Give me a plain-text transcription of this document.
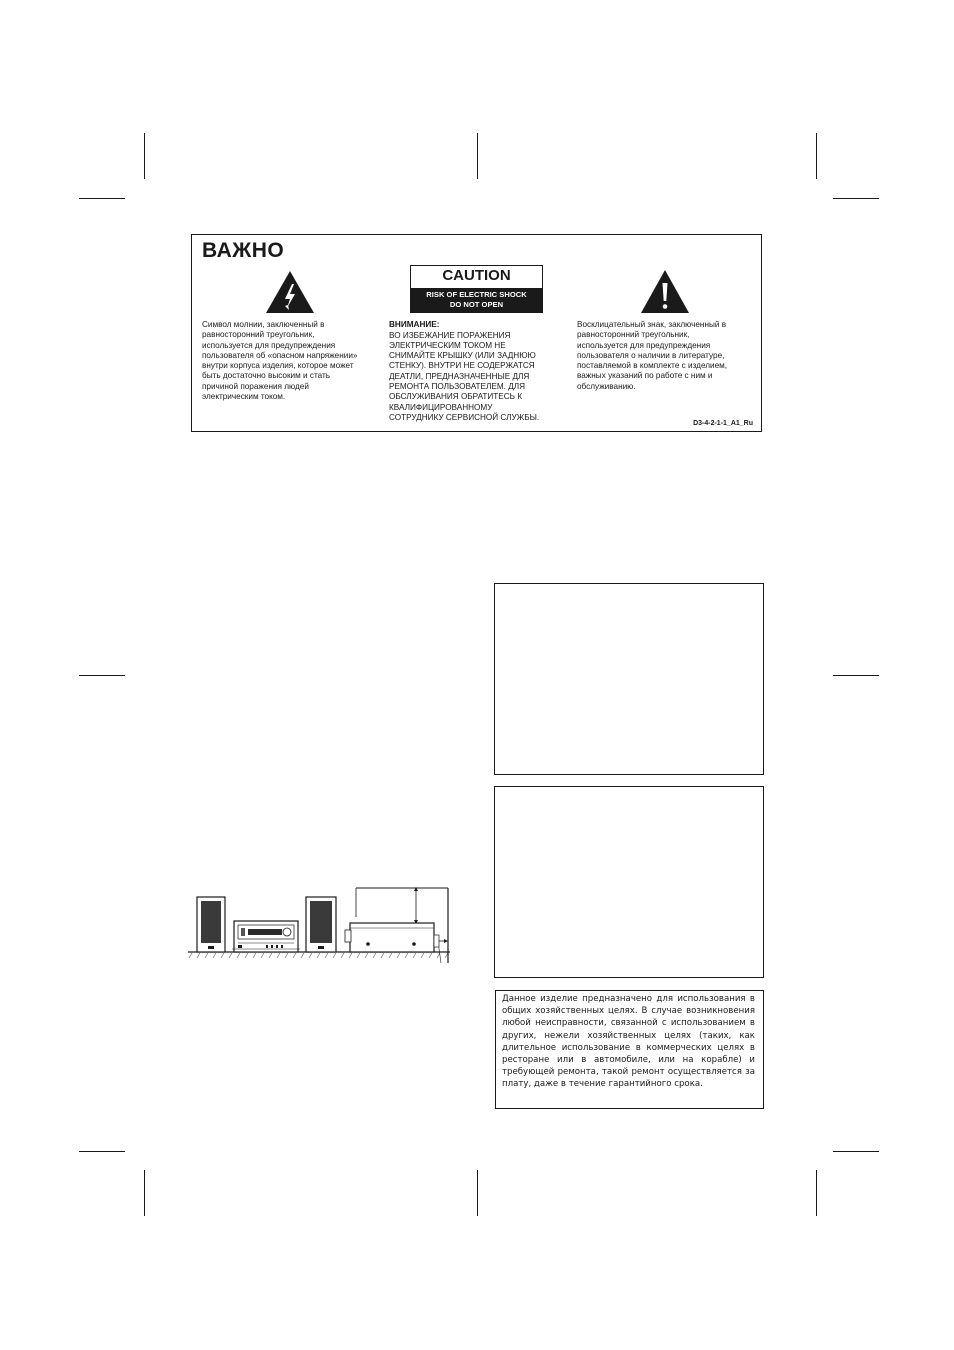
ВАЖНО
Символ молнии, заключенный в
равносторонний треугольник,
используется для предупреждения
пользователя об «опасном напряжении»
внутри корпуса изделия, которое может
быть достаточно высоким и стать
причиной поражения людей
электрическим током.
CAUTION
RISK OF ELECTRIC SHOCK
DO NOT OPEN
ВНИМАНИЕ:
ВО ИЗБЕЖАНИЕ ПОРАЖЕНИЯ
ЭЛЕКТРИЧЕСКИМ ТОКОМ НЕ
СНИМАЙТЕ КРЫШКУ (ИЛИ ЗАДНЮЮ
СТЕНКУ). ВНУТРИ НЕ СОДЕРЖАТСЯ
ДЕАТЛИ, ПРЕДНАЗНАЧЕННЫЕ ДЛЯ
РЕМОНТА ПОЛЬЗОВАТЕЛЕМ. ДЛЯ
ОБСЛУЖИВАНИЯ ОБРАТИТЕСЬ К
КВАЛИФИЦИРОВАННОМУ
СОТРУДНИКУ СЕРВИСНОЙ СЛУЖБЫ.
Восклицательный знак, заключенный в
равносторонний треугольник,
используется для предупреждения
пользователя о наличии в литературе,
поставляемой в комплекте с изделием,
важных указаний по работе с ним и
обслуживанию.
D3-4-2-1-1_A1_Ru
Данное изделие предназначено для использования в общих хозяйственных целях. В случае возникновения любой неисправности, связанной с использованием в других, нежели хозяйственных целях (таких, как длительное использование в коммерческих целях в ресторане или в автомобиле, или на корабле) и требующей ремонта, такой ремонт осуществляется за плату, даже в течение гарантийного срока.
